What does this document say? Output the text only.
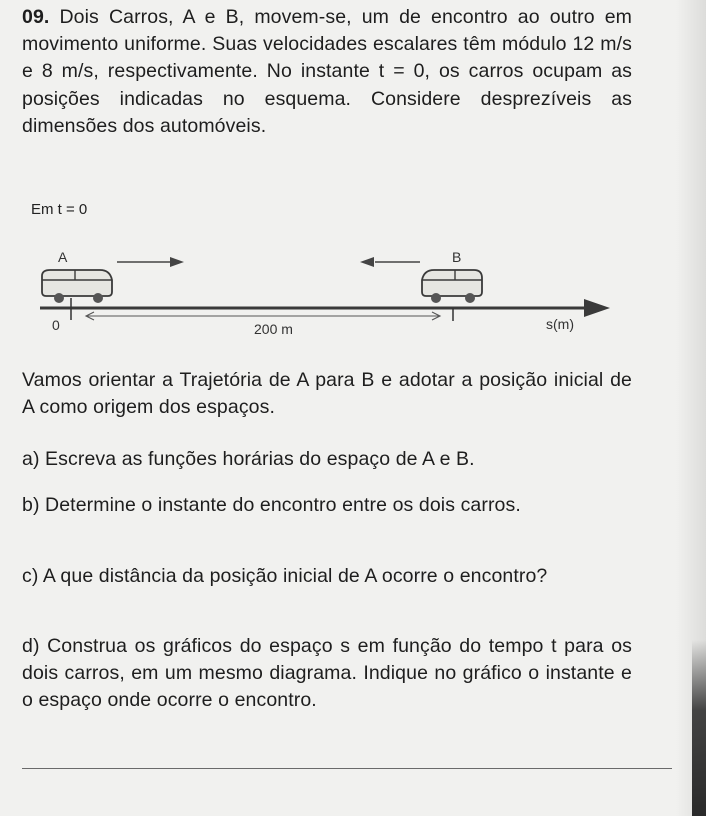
09. Dois Carros, A e B, movem-se, um de encontro ao outro em movimento uniforme. Suas velocidades escalares têm módulo 12 m/s e 8 m/s, respectivamente. No instante t = 0, os carros ocupam as posições indicadas no esquema. Considere desprezíveis as dimensões dos automóveis.
Em t = 0
A	B
0	200 m	s(m)
Vamos orientar a Trajetória de A para B e adotar a posição inicial de A como origem dos espaços.
a) Escreva as funções horárias do espaço de A e B.
b) Determine o instante do encontro entre os dois carros.
c) A que distância da posição inicial de A ocorre o encontro?
d) Construa os gráficos do espaço s em função do tempo t para os dois carros, em um mesmo diagrama. Indique no gráfico o instante e o espaço onde ocorre o encontro.
